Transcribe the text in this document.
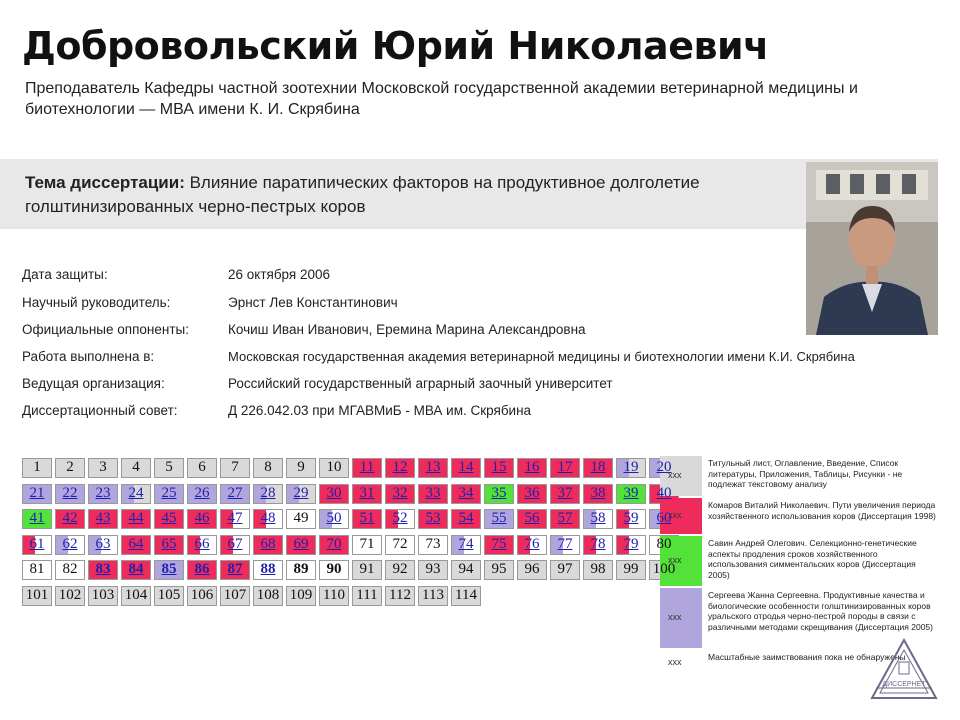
Добровольский Юрий Николаевич
Преподаватель Кафедры частной зоотехнии Московской государственной академии ветеринарной медицины и биотехнологии — МВА имени К. И. Скрябина
Тема диссертации: Влияние паратипических факторов на продуктивное долголетие голштинизированных черно-пестрых коров
Дата защиты:	26 октября 2006
Научный руководитель:	Эрнст Лев Константинович
Официальные оппоненты:	Кочиш Иван Иванович, Еремина Марина Александровна
Работа выполнена в:	Московская государственная академия ветеринарной медицины и биотехнологии имени К.И. Скрябина
Ведущая организация:	Российский государственный аграрный заочный университет
Диссертационный совет:	Д 226.042.03 при МГАВМиБ - МВА им. Скрябина
1	2	3	4	5	6	7	8	9	10	11	12	13	14	15	16	17	18	19	20
21	22	23	24	25	26	27	28	29	30	31	32	33	34	35	36	37	38	39	40
41	42	43	44	45	46	47	48	49	50	51	52	53	54	55	56	57	58	59	60
61	62	63	64	65	66	67	68	69	70	71	72	73	74	75	76	77	78	79	80
81	82	83	84	85	86	87	88	89	90	91	92	93	94	95	96	97	98	99 100
101 102 103 104 105 106 107 108 109 110 111 112 113 114
xxx
Титульный лист, Оглавление, Введение, Список литературы, Приложения, Таблицы, Рисунки - не подлежат текстовому анализу
xxx
Комаров Виталий Николаевич. Пути увеличения периода хозяйственного использования коров (Диссертация 1998)
xxx
Савин Андрей Олегович. Селекционно-генетические аспекты продления сроков хозяйственного использования симментальских коров (Диссертация 2005)
xxx
Сергеева Жанна Сергеевна. Продуктивные качества и биологические особенности голштинизированных коров уральского отродья черно-пестрой породы в связи с различными методами скрещивания (Диссертация 2005)
xxx	Масштабные заимствования пока не обнаружены
ДИССЕРНЕТ
